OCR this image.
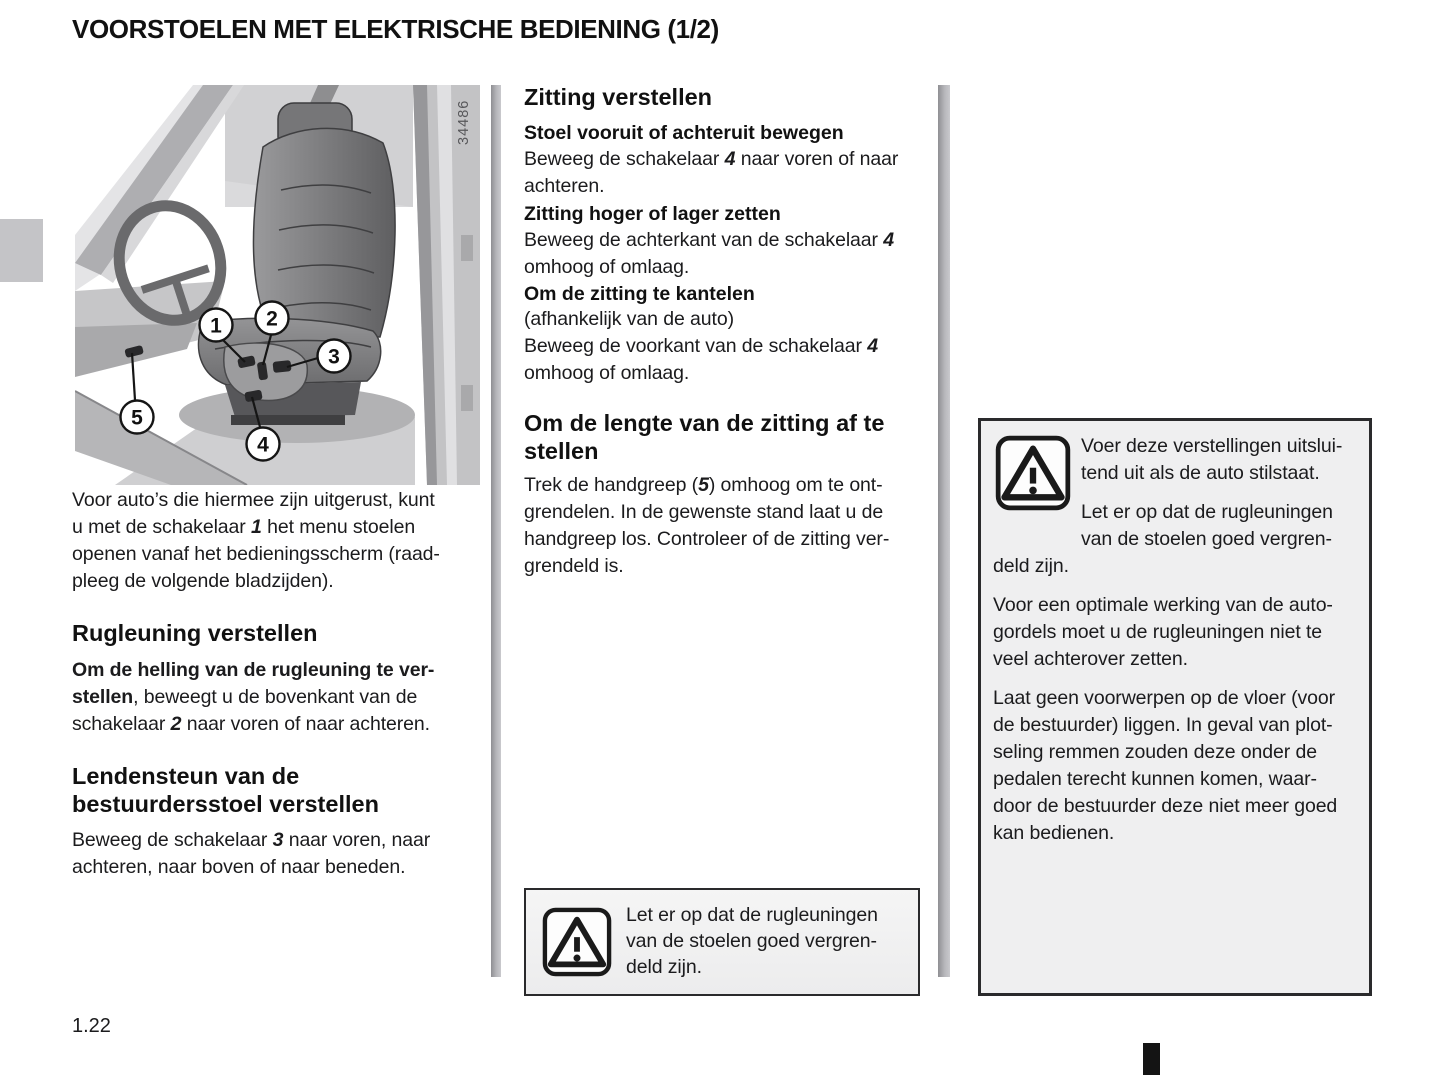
VOORSTOELEN MET ELEKTRISCHE BEDIENING (1/2)
1 2
3
4
5
34486

Voor auto’s die hiermee zijn uitgerust, kunt
u met de schakelaar 1 het menu stoelen
openen vanaf het bedieningsscherm (raad-
pleeg de volgende bladzijden).

Rugleuning verstellen

Om de helling van de rugleuning te ver-
stellen, beweegt u de bovenkant van de
schakelaar 2 naar voren of naar achteren.

Lendensteun van de
bestuurdersstoel verstellen

Beweeg de schakelaar 3 naar voren, naar
achteren, naar boven of naar beneden.

Zitting verstellen
Stoel vooruit of achteruit bewegen

Beweeg de schakelaar 4 naar voren of naar
achteren.

Zitting hoger of lager zetten

Beweeg de achterkant van de schakelaar 4
omhoog of omlaag.

Om de zitting te kantelen

(afhankelijk van de auto)
Beweeg de voorkant van de schakelaar 4
omhoog of omlaag.

Om de lengte van de zitting af te
stellen

Trek de handgreep (5) omhoog om te ont-
grendelen. In de gewenste stand laat u de
handgreep los. Controleer of de zitting ver-
grendeld is.

Let er op dat de rugleuningen
van de stoelen goed vergren-
deld zijn.

Voer deze verstellingen uitslui-
tend uit als de auto stilstaat.

Let er op dat de rugleuningen
van de stoelen goed vergren-
deld zijn.

Voor een optimale werking van de auto-
gordels moet u de rugleuningen niet te
veel achterover zetten.

Laat geen voorwerpen op de vloer (voor
de bestuurder) liggen. In geval van plot-
seling remmen zouden deze onder de
pedalen terecht kunnen komen, waar-
door de bestuurder deze niet meer goed
kan bedienen.

1.22
